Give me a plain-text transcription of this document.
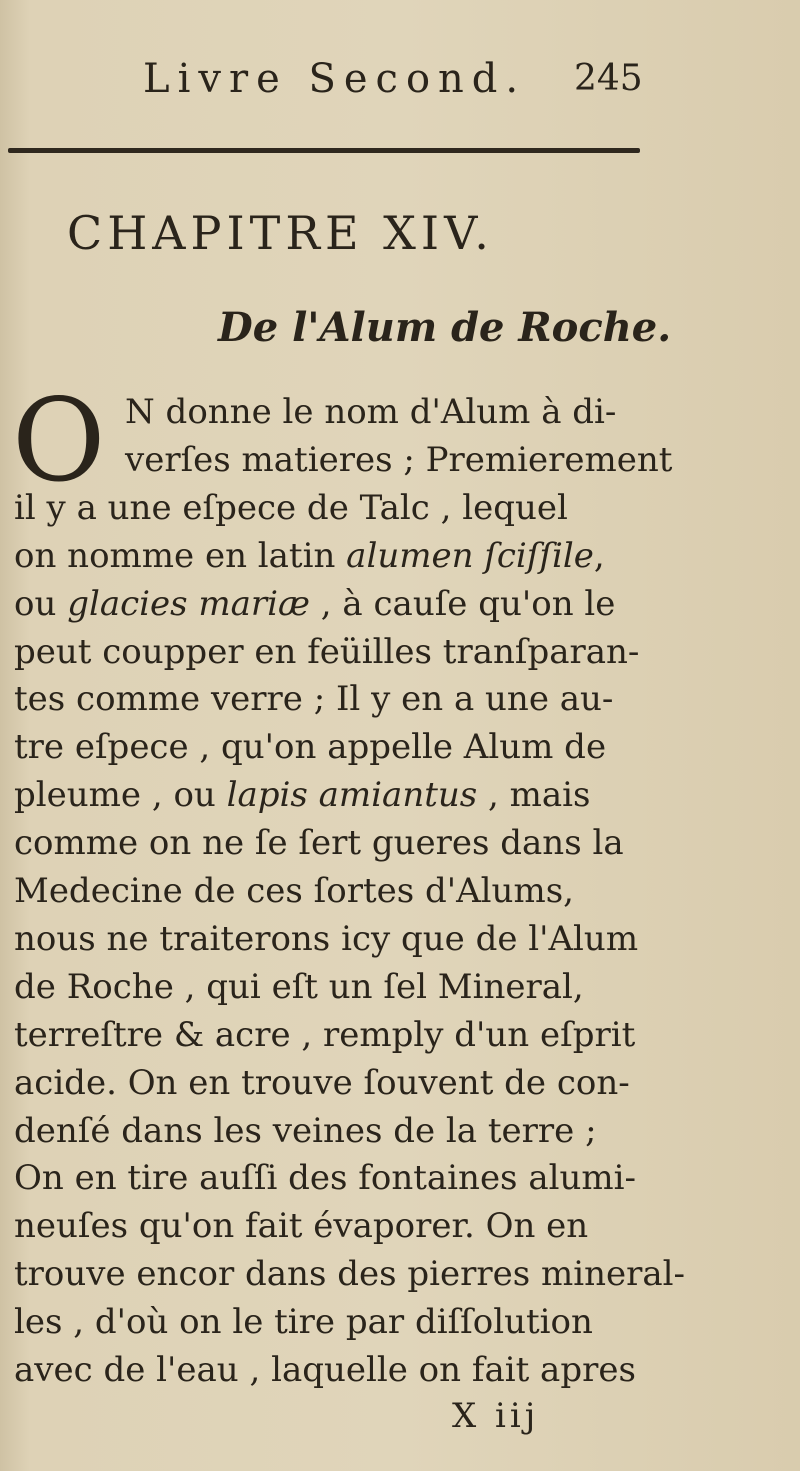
Livre Second. 245
CHAPITRE XIV.
De l'Alum de Roche.
O N donne le nom d'Alum à di-
verſes matieres ; Premierement
il y a une eſpece de Talc , lequel
on nomme en latin alumen ſciſſile,
ou glacies mariæ , à cauſe qu'on le
peut coupper en feüilles tranſparan-
tes comme verre ; Il y en a une au-
tre eſpece , qu'on appelle Alum de
pleume , ou lapis amiantus , mais
comme on ne ſe ſert gueres dans la
Medecine de ces ſortes d'Alums,
nous ne traiterons icy que de l'Alum
de Roche , qui eſt un ſel Mineral,
terreſtre & acre , remply d'un eſprit
acide. On en trouve ſouvent de con-
denſé dans les veines de la terre ;
On en tire auſſi des fontaines alumi-
neuſes qu'on fait évaporer. On en
trouve encor dans des pierres mineral-
les , d'où on le tire par diſſolution
avec de l'eau , laquelle on fait apres
X iij
